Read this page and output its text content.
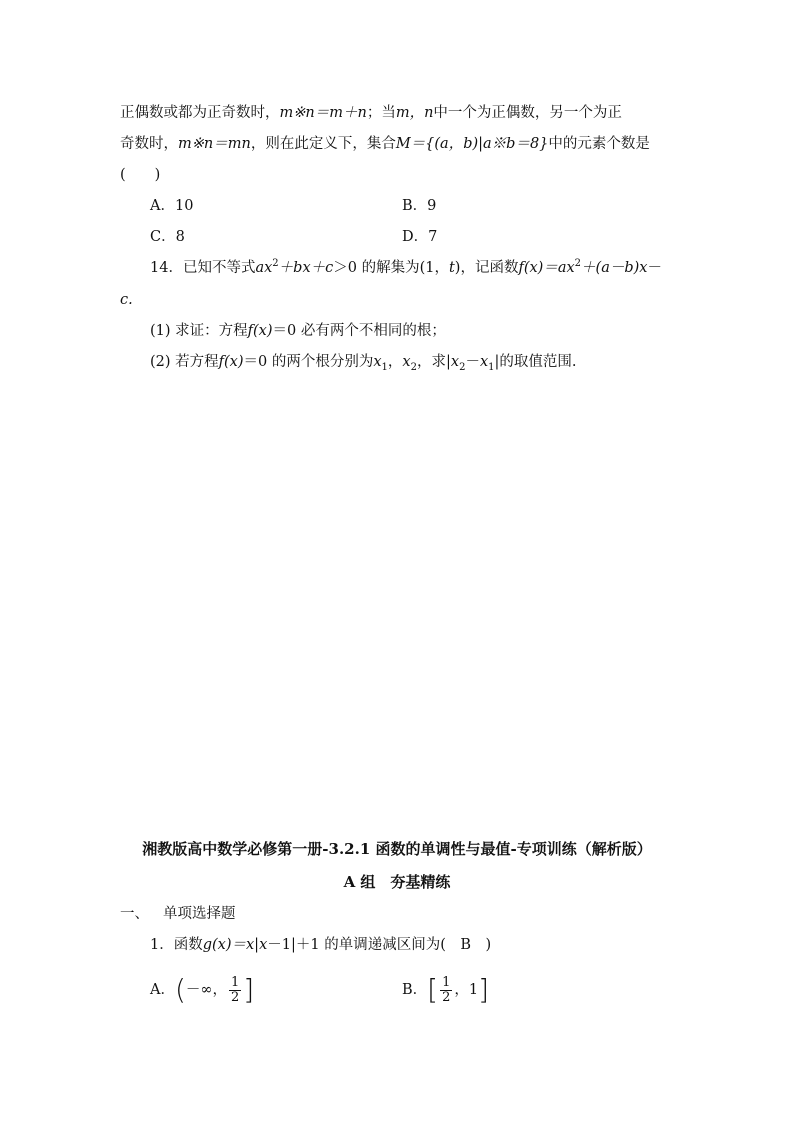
正偶数或都为正奇数时，m※n＝m＋n；当m，n中一个为正偶数，另一个为正
奇数时，m※n＝mn，则在此定义下，集合M＝{(a，b)|a※b＝8}中的元素个数是
(　　)
A．10	B．9
C．8	D．7
14．已知不等式$ax^2+bx+c>0$ 的解集为(1，t)，记函数$f(x)=ax^2+(a-b)x-$
c.
(1) 求证：方程f(x)＝0 必有两个不相同的根；
(2) 若方程f(x)＝0 的两个根分别为$x_1$，$x_2$，求$|x_2-x_1|$的取值范围.
湘教版高中数学必修第一册-3.2.1 函数的单调性与最值-专项训练（解析版）
A 组　夯基精练
一、 单项选择题
1．函数g(x)＝x|x－1|＋1 的单调递减区间为(　B　)
A．(－∞， $\frac{1}{2}$ ]	B．[ $\frac{1}{2}$ ，1]
